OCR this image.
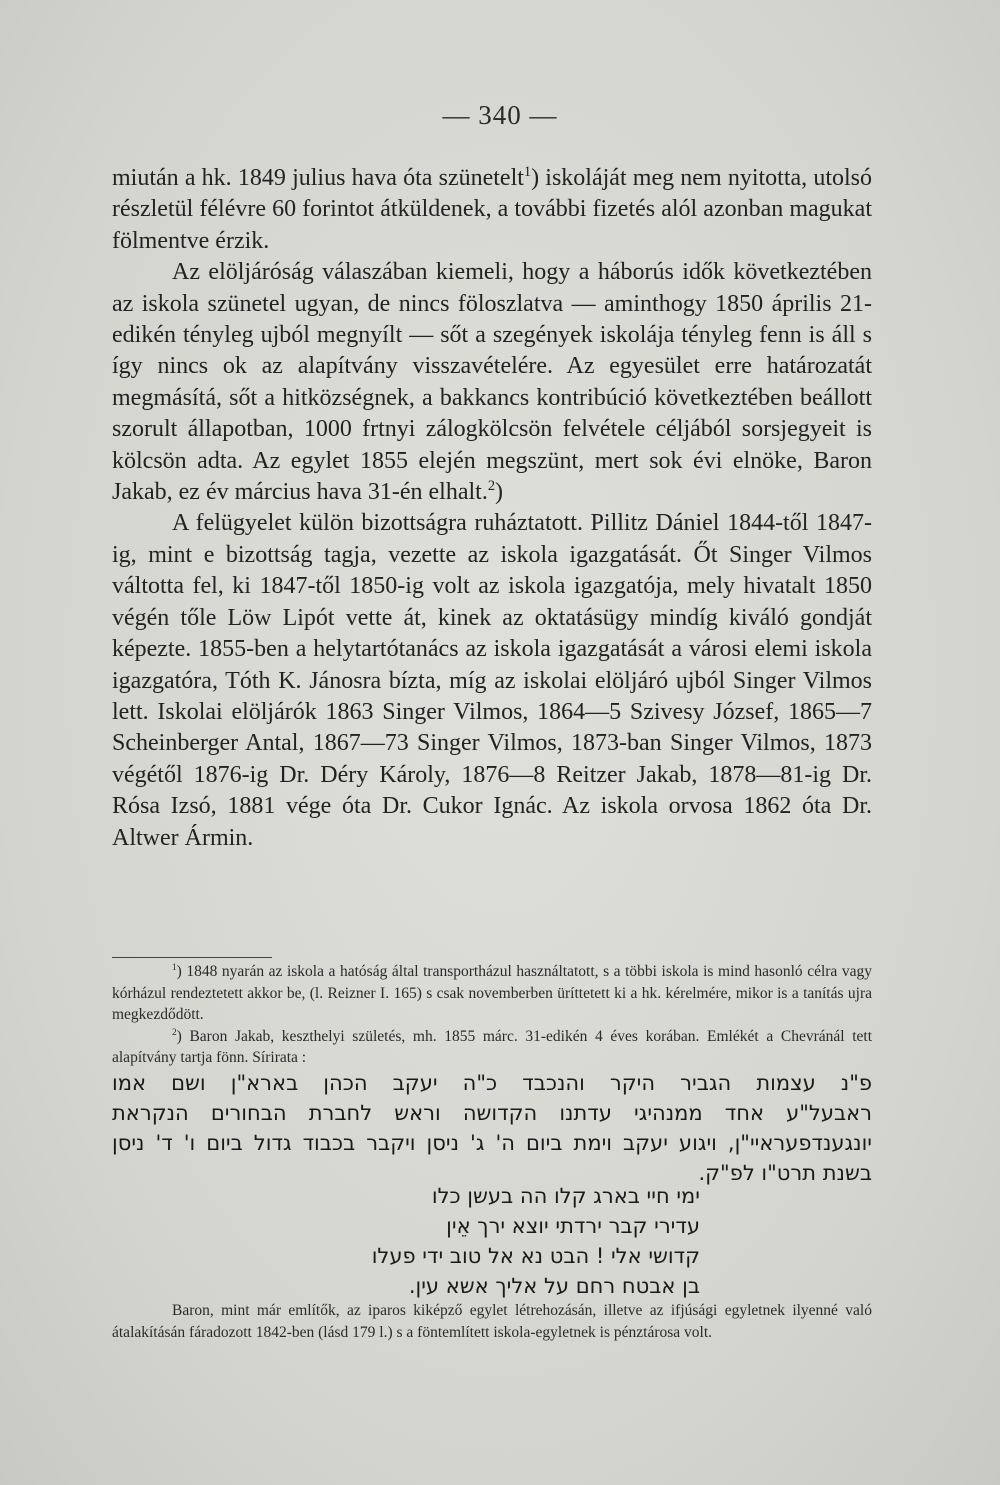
— 340 —

miután a hk. 1849 julius hava óta szünetelt$^1$) iskoláját meg nem nyitotta, utolsó részletül félévre 60 forintot átküldenek, a további fizetés alól azonban magukat fölmentve érzik.

Az elöljáróság válaszában kiemeli, hogy a háborús idők következtében az iskola szünetel ugyan, de nincs föloszlatva — aminthogy 1850 április 21-edikén tényleg ujból megnyílt — sőt a szegények iskolája tényleg fenn is áll s így nincs ok az alapítvány visszavételére. Az egyesület erre határozatát megmásítá, sőt a hitközségnek, a bakkancs kontribúció következtében beállott szorult állapotban, 1000 frtnyi zálogkölcsön felvétele céljából sorsjegyeit is kölcsön adta. Az egylet 1855 elején megszünt, mert sok évi elnöke, Baron Jakab, ez év március hava 31-én elhalt.$^2$)

A felügyelet külön bizottságra ruháztatott. Pillitz Dániel 1844-től 1847-ig, mint e bizottság tagja, vezette az iskola igazgatását. Őt Singer Vilmos váltotta fel, ki 1847-től 1850-ig volt az iskola igazgatója, mely hivatalt 1850 végén tőle Löw Lipót vette át, kinek az oktatásügy mindíg kiváló gondját képezte. 1855-ben a helytartótanács az iskola igazgatását a városi elemi iskola igazgatóra, Tóth K. Jánosra bízta, míg az iskolai elöljáró ujból Singer Vilmos lett. Iskolai elöljárók 1863 Singer Vilmos, 1864—5 Szivesy József, 1865—7 Scheinberger Antal, 1867—73 Singer Vilmos, 1873-ban Singer Vilmos, 1873 végétől 1876-ig Dr. Déry Károly, 1876—8 Reitzer Jakab, 1878—81-ig Dr. Rósa Izsó, 1881 vége óta Dr. Cukor Ignác. Az iskola orvosa 1862 óta Dr. Altwer Ármin.

$^1$) 1848 nyarán az iskola a hatóság által transportházul használtatott, s a többi iskola is mind hasonló célra vagy kórházul rendeztetett akkor be, (l. Reizner I. 165) s csak novemberben üríttetett ki a hk. kérelmére, mikor is a tanítás ujra megkezdődött.

$^2$) Baron Jakab, keszthelyi születés, mh. 1855 márc. 31-edikén 4 éves korában. Emlékét a Chevránál tett alapítvány tartja fönn. Sírirata :

פ"נ עצמות הגביר היקר והנכבד כ"ה יעקב הכהן בארא"ן ושם אמו
ראבעל"ע אחד ממנהיגי עדתנו הקדושה וראש לחברת הבחורים הנקראת
יונגענדפעראיי"ן, ויגוע יעקב וימת ביום ה' ג' ניסן ויקבר בכבוד גדול ביום ו' ד' ניסן
בשנת תרט"ו לפ"ק.
ימי חיי בארג קלו הה בעשן כלו
עדירי קבר ירדתי יוצא ירך אֵין
קדושי אלי ! הבט נא אל טוב ידי פעלו
בן אבטח רחם על אליך אשא עין.

Baron, mint már említők, az iparos kiképző egylet létrehozásán, illetve az ifjúsági egyletnek ilyenné való átalakításán fáradozott 1842-ben (lásd 179 l.) s a föntemlített iskola-egyletnek is pénztárosa volt.
